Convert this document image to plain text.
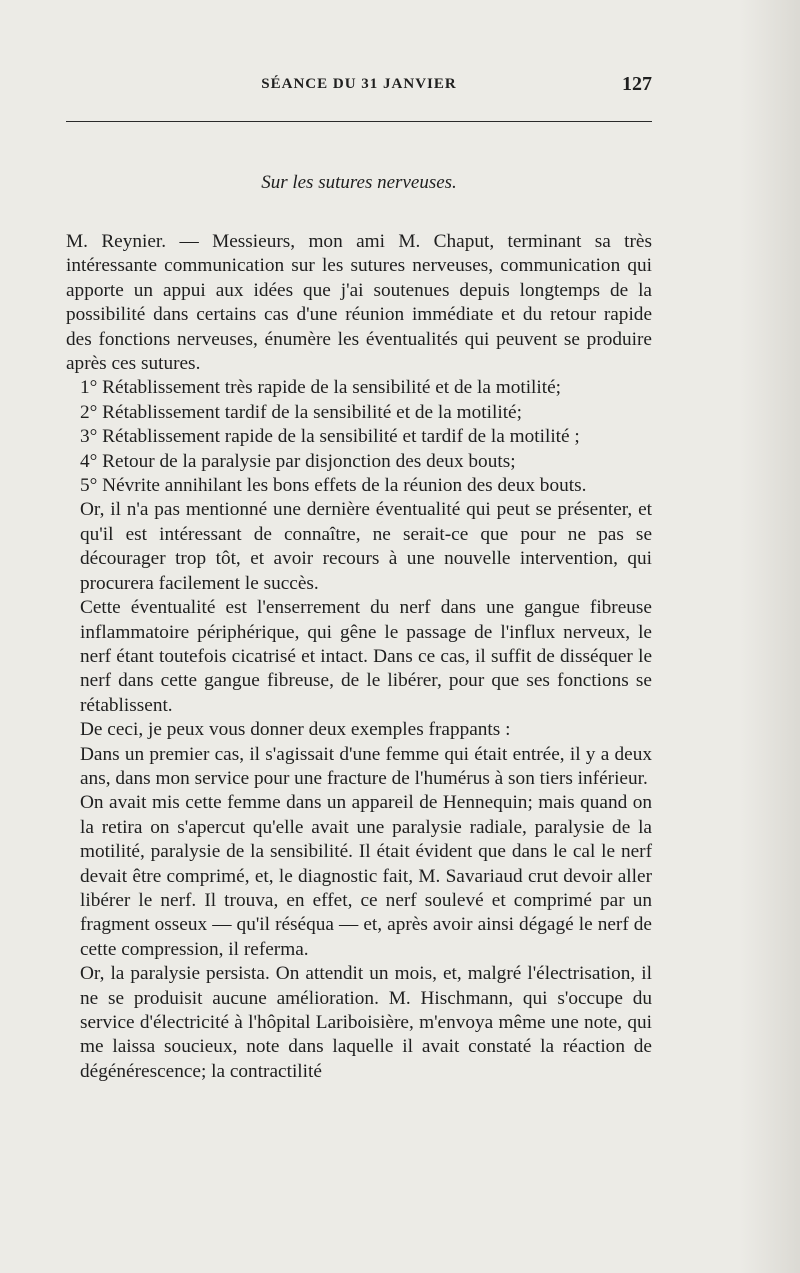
SÉANCE DU 31 JANVIER	127
Sur les sutures nerveuses.

M. Reynier. — Messieurs, mon ami M. Chaput, terminant sa très intéressante communication sur les sutures nerveuses, communication qui apporte un appui aux idées que j'ai soutenues depuis longtemps de la possibilité dans certains cas d'une réunion immédiate et du retour rapide des fonctions nerveuses, énumère les éventualités qui peuvent se produire après ces sutures.

1° Rétablissement très rapide de la sensibilité et de la motilité;

2° Rétablissement tardif de la sensibilité et de la motilité;

3° Rétablissement rapide de la sensibilité et tardif de la motilité ;

4° Retour de la paralysie par disjonction des deux bouts;

5° Névrite annihilant les bons effets de la réunion des deux bouts.

Or, il n'a pas mentionné une dernière éventualité qui peut se présenter, et qu'il est intéressant de connaître, ne serait-ce que pour ne pas se décourager trop tôt, et avoir recours à une nouvelle intervention, qui procurera facilement le succès.

Cette éventualité est l'enserrement du nerf dans une gangue fibreuse inflammatoire périphérique, qui gêne le passage de l'influx nerveux, le nerf étant toutefois cicatrisé et intact. Dans ce cas, il suffit de disséquer le nerf dans cette gangue fibreuse, de le libérer, pour que ses fonctions se rétablissent.

De ceci, je peux vous donner deux exemples frappants :

Dans un premier cas, il s'agissait d'une femme qui était entrée, il y a deux ans, dans mon service pour une fracture de l'humérus à son tiers inférieur.

On avait mis cette femme dans un appareil de Hennequin; mais quand on la retira on s'apercut qu'elle avait une paralysie radiale, paralysie de la motilité, paralysie de la sensibilité. Il était évident que dans le cal le nerf devait être comprimé, et, le diagnostic fait, M. Savariaud crut devoir aller libérer le nerf. Il trouva, en effet, ce nerf soulevé et comprimé par un fragment osseux — qu'il réséqua — et, après avoir ainsi dégagé le nerf de cette compression, il referma.

Or, la paralysie persista. On attendit un mois, et, malgré l'électrisation, il ne se produisit aucune amélioration. M. Hischmann, qui s'occupe du service d'électricité à l'hôpital Lariboisière, m'envoya même une note, qui me laissa soucieux, note dans laquelle il avait constaté la réaction de dégénérescence; la contractilité
